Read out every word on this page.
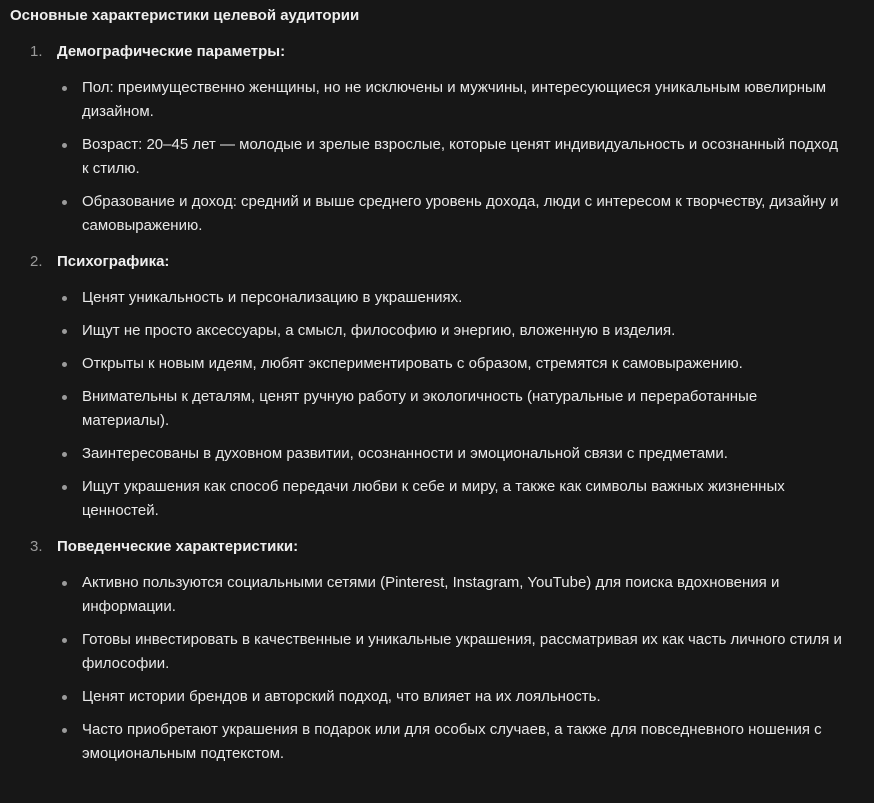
Основные характеристики целевой аудитории

1. Демографические параметры:
Пол: преимущественно женщины, но не исключены и мужчины, интересующиеся уникальным ювелирным дизайном.
Возраст: 20–45 лет — молодые и зрелые взрослые, которые ценят индивидуальность и осознанный подход к стилю.
Образование и доход: средний и выше среднего уровень дохода, люди с интересом к творчеству, дизайну и самовыражению.
2. Психографика:
Ценят уникальность и персонализацию в украшениях.
Ищут не просто аксессуары, а смысл, философию и энергию, вложенную в изделия.
Открыты к новым идеям, любят экспериментировать с образом, стремятся к самовыражению.
Внимательны к деталям, ценят ручную работу и экологичность (натуральные и переработанные материалы).
Заинтересованы в духовном развитии, осознанности и эмоциональной связи с предметами.
Ищут украшения как способ передачи любви к себе и миру, а также как символы важных жизненных ценностей.
3. Поведенческие характеристики:
Активно пользуются социальными сетями (Pinterest, Instagram, YouTube) для поиска вдохновения и информации.
Готовы инвестировать в качественные и уникальные украшения, рассматривая их как часть личного стиля и философии.
Ценят истории брендов и авторский подход, что влияет на их лояльность.
Часто приобретают украшения в подарок или для особых случаев, а также для повседневного ношения с эмоциональным подтекстом.
